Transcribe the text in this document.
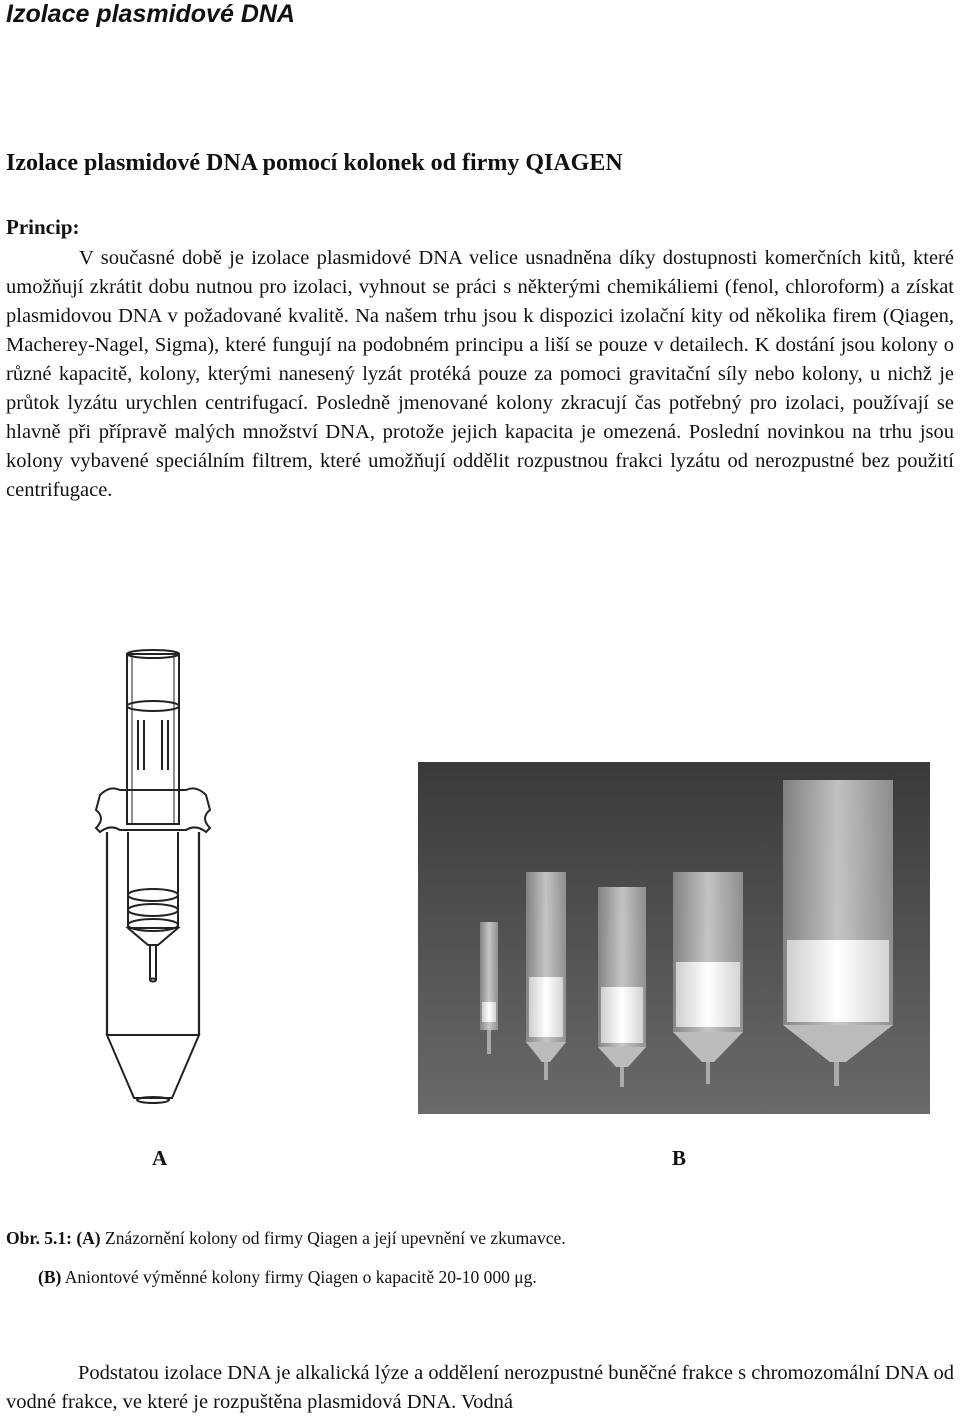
Izolace plasmidové DNA
Izolace plasmidové DNA pomocí kolonek od firmy QIAGEN
Princip:

V současné době je izolace plasmidové DNA velice usnadněna díky dostupnosti komerčních kitů, které umožňují zkrátit dobu nutnou pro izolaci, vyhnout se práci s některými chemikáliemi (fenol, chloroform) a získat plasmidovou DNA v požadované kvalitě. Na našem trhu jsou k dispozici izolační kity od několika firem (Qiagen, Macherey-Nagel, Sigma), které fungují na podobném principu a liší se pouze v detailech. K dostání jsou kolony o různé kapacitě, kolony, kterými nanesený lyzát protéká pouze za pomoci gravitační síly nebo kolony, u nichž je průtok lyzátu urychlen centrifugací. Posledně jmenované kolony zkracují čas potřebný pro izolaci, používají se hlavně při přípravě malých množství DNA, protože jejich kapacita je omezená. Poslední novinkou na trhu jsou kolony vybavené speciálním filtrem, které umožňují oddělit rozpustnou frakci lyzátu od nerozpustné bez použití centrifugace.

A	B

Obr. 5.1: (A) Znázornění kolony od firmy Qiagen a její upevnění ve zkumavce.

(B) Aniontové výměnné kolony firmy Qiagen o kapacitě 20-10 000 μg.

Podstatou izolace DNA je alkalická lýze a oddělení nerozpustné buněčné frakce s chromozomální DNA od vodné frakce, ve které je rozpuštěna plasmidová DNA. Vodná
